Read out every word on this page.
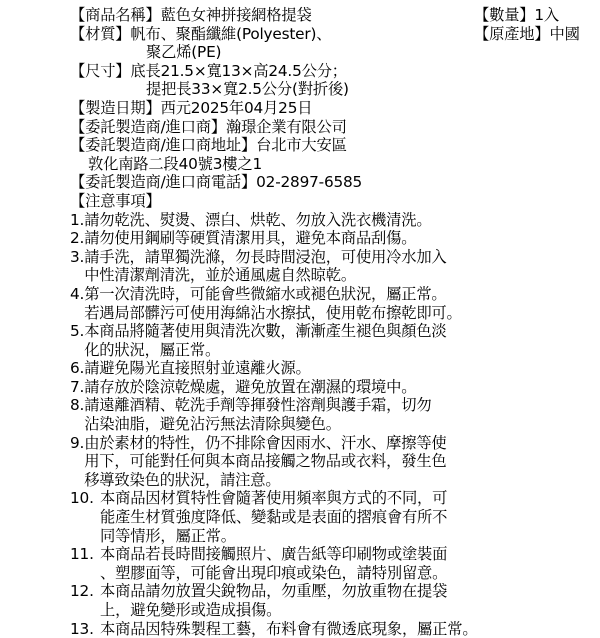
【商品名稱】 藍色女神拼接網格提袋	【數量】1入
【材質】帆布、聚酯纖維(Polyester)、
聚乙烯(PE)
【原產地】中國
【尺寸】底長21.5×寬13×高24.5公分；
提把長33×寬2.5公分(對折後)
【製造日期】西元2025年04月25日
【委託製造商/進口商】瀚璟企業有限公司
【委託製造商/進口商地址】台北市大安區
敦化南路二段40號3樓之1
【委託製造商/進口商電話】02-2897-6585
【注意事項】
1. 請勿乾洗、熨燙、漂白、烘乾、勿放入洗衣機清洗。
2. 請勿使用鋼刷等硬質清潔用具，避免本商品刮傷。
3. 請手洗，請單獨洗滌，勿長時間浸泡，可使用冷水加入
中性清潔劑清洗，並於通風處自然晾乾。
4. 第一次清洗時，可能會些微縮水或褪色狀況，屬正常。
若遇局部髒污可使用海綿沾水擦拭，使用乾布擦乾即可。
5. 本商品將隨著使用與清洗次數，漸漸產生褪色與顏色淡
化的狀況，屬正常。
6. 請避免陽光直接照射並遠離火源。
7. 請存放於陰涼乾燥處，避免放置在潮濕的環境中。
8. 請遠離酒精、乾洗手劑等揮發性溶劑與護手霜，切勿
沾染油脂，避免沾污無法清除與變色。
9. 由於素材的特性，仍不排除會因雨水、汗水、摩擦等使
用下，可能對任何與本商品接觸之物品或衣料，發生色
移導致染色的狀況，請注意。
10. 本商品因材質特性會隨著使用頻率與方式的不同，可
能產生材質強度降低、變黏或是表面的摺痕會有所不
同等情形，屬正常。
11. 本商品若長時間接觸照片、廣告紙等印刷物或塗裝面
、塑膠面等，可能會出現印痕或染色，請特別留意。
12. 本商品請勿放置尖銳物品，勿重壓，勿放重物在提袋
上，避免變形或造成損傷。
13. 本商品因特殊製程工藝，布料會有微透底現象，屬正常。
